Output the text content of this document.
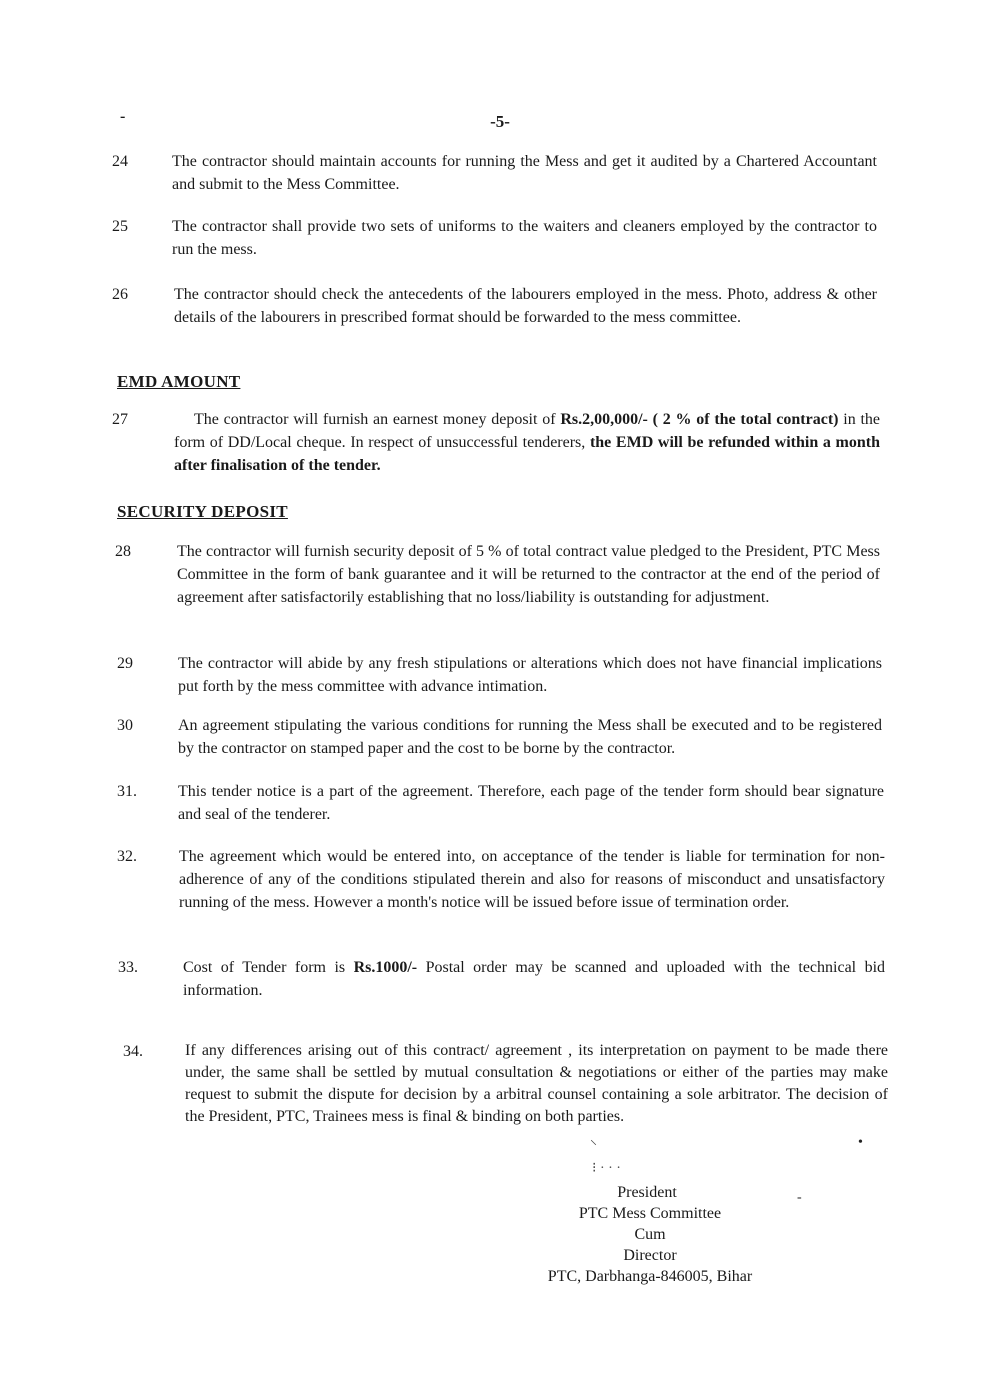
-	-5-
24	The contractor should maintain accounts for running the Mess and get it audited by a Chartered Accountant and submit to the Mess Committee.
25	The contractor shall provide two sets of uniforms to the waiters and cleaners employed by the contractor to run the mess.
26	The contractor should check the antecedents of the labourers employed in the mess. Photo, address & other details of the labourers in prescribed format should be forwarded to the mess committee.
EMD AMOUNT
27	The contractor will furnish an earnest money deposit of Rs.2,00,000/- ( 2 % of the total contract) in the form of DD/Local cheque. In respect of unsuccessful tenderers, the EMD will be refunded within a month after finalisation of the tender.
SECURITY DEPOSIT
28	The contractor will furnish security deposit of 5 % of total contract value pledged to the President, PTC Mess Committee in the form of bank guarantee and it will be returned to the contractor at the end of the period of agreement after satisfactorily establishing that no loss/liability is outstanding for adjustment.
29	The contractor will abide by any fresh stipulations or alterations which does not have financial implications put forth by the mess committee with advance intimation.
30	An agreement stipulating the various conditions for running the Mess shall be executed and to be registered by the contractor on stamped paper and the cost to be borne by the contractor.
31.	This tender notice is a part of the agreement. Therefore, each page of the tender form should bear signature and seal of the tenderer.
32.	The agreement which would be entered into, on acceptance of the tender is liable for termination for non-adherence of any of the conditions stipulated therein and also for reasons of misconduct and unsatisfactory running of the mess. However a month's notice will be issued before issue of termination order.
33.	Cost of Tender form is Rs.1000/- Postal order may be scanned and uploaded with the technical bid information.
34.	If any differences arising out of this contract/ agreement , its interpretation on payment to be made there under, the same shall be settled by mutual consultation & negotiations or either of the parties may make request to submit the dispute for decision by a arbitral counsel containing a sole arbitrator. The decision of the President, PTC, Trainees mess is final & binding on both parties.
⸜
⁝ · · ·
•
-
President
PTC Mess Committee
Cum
Director
PTC, Darbhanga-846005, Bihar
